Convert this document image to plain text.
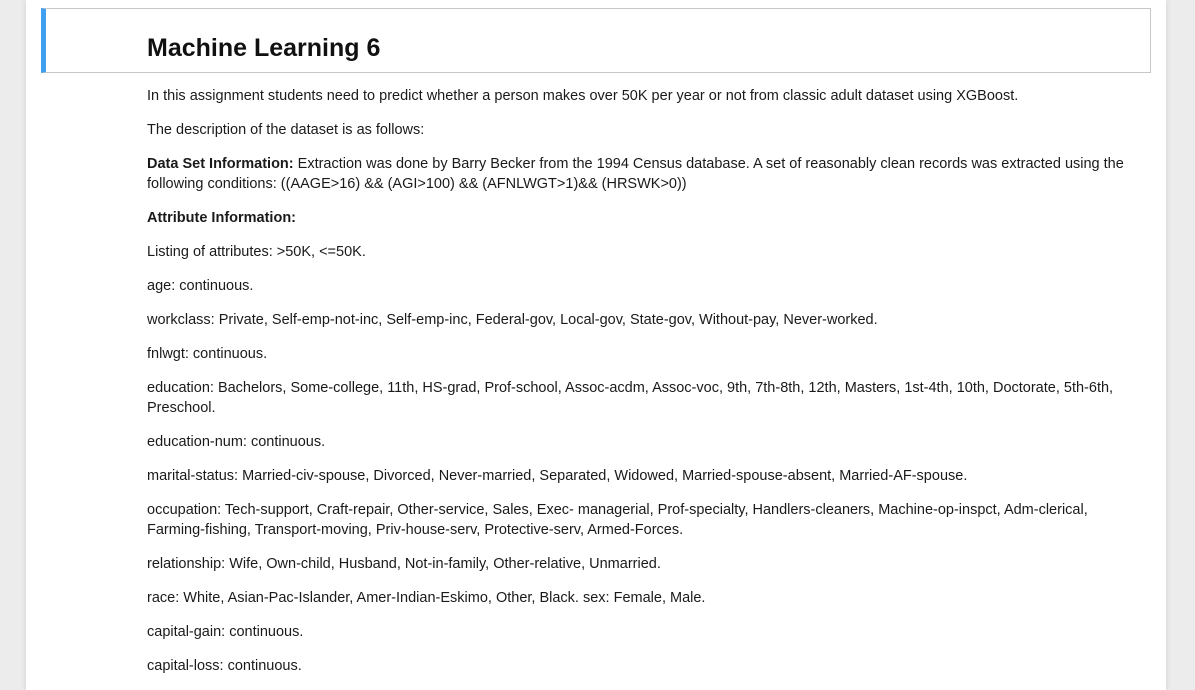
Machine Learning 6

In this assignment students need to predict whether a person makes over 50K per year or not from classic adult dataset using XGBoost.

The description of the dataset is as follows:

Data Set Information: Extraction was done by Barry Becker from the 1994 Census database. A set of reasonably clean records was extracted using the following conditions: ((AAGE>16) && (AGI>100) && (AFNLWGT>1)&& (HRSWK>0))

Attribute Information:

Listing of attributes: >50K, <=50K.

age: continuous.

workclass: Private, Self-emp-not-inc, Self-emp-inc, Federal-gov, Local-gov, State-gov, Without-pay, Never-worked.

fnlwgt: continuous.

education: Bachelors, Some-college, 11th, HS-grad, Prof-school, Assoc-acdm, Assoc-voc, 9th, 7th-8th, 12th, Masters, 1st-4th, 10th, Doctorate, 5th-6th, Preschool.

education-num: continuous.

marital-status: Married-civ-spouse, Divorced, Never-married, Separated, Widowed, Married-spouse-absent, Married-AF-spouse.

occupation: Tech-support, Craft-repair, Other-service, Sales, Exec- managerial, Prof-specialty, Handlers-cleaners, Machine-op-inspct, Adm-clerical, Farming-fishing, Transport-moving, Priv-house-serv, Protective-serv, Armed-Forces.

relationship: Wife, Own-child, Husband, Not-in-family, Other-relative, Unmarried.

race: White, Asian-Pac-Islander, Amer-Indian-Eskimo, Other, Black. sex: Female, Male.

capital-gain: continuous.

capital-loss: continuous.
